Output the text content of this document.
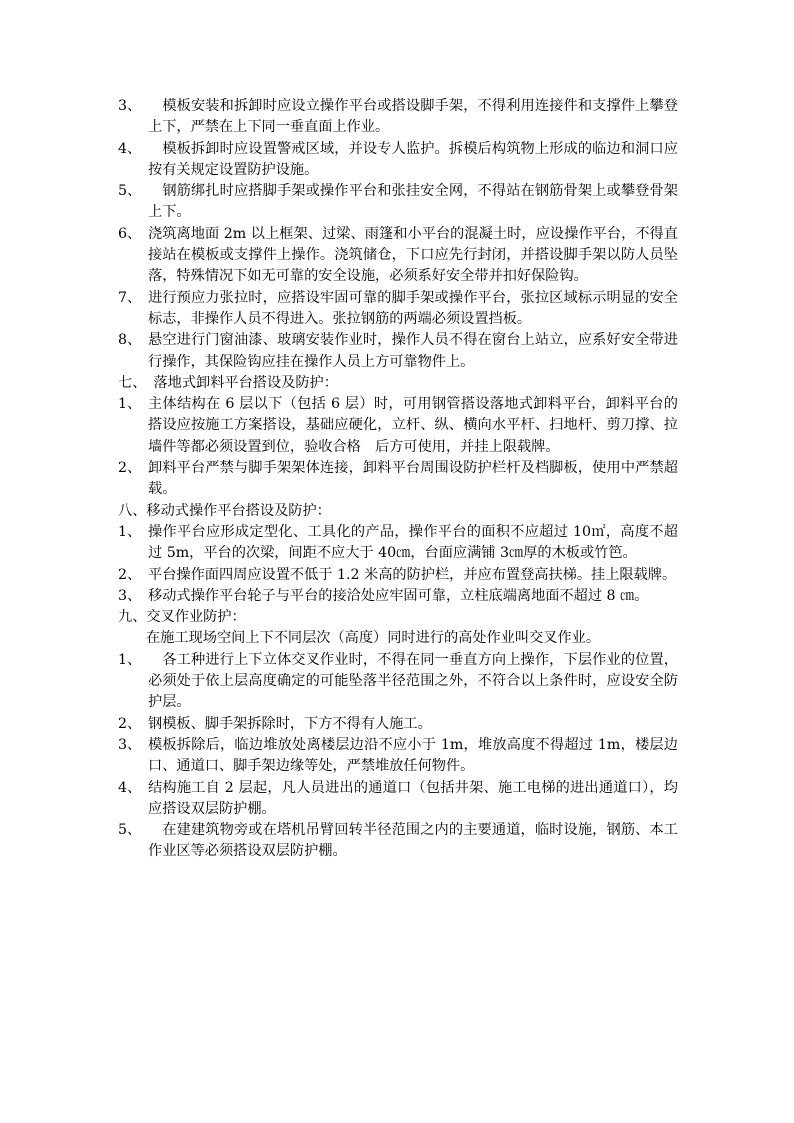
3、 　模板安装和拆卸时应设立操作平台或搭设脚手架，不得利用连接件和支撑件上攀登上下，严禁在上下同一垂直面上作业。

4、 　模板拆卸时应设置警戒区域，并设专人监护。拆模后构筑物上形成的临边和洞口应按有关规定设置防护设施。

5、 　钢筋绑扎时应搭脚手架或操作平台和张挂安全网，不得站在钢筋骨架上或攀登骨架上下。

6、 浇筑离地面 2m 以上框架、过梁、雨篷和小平台的混凝土时，应设操作平台，不得直接站在模板或支撑件上操作。浇筑储仓，下口应先行封闭，并搭设脚手架以防人员坠落，特殊情况下如无可靠的安全设施，必须系好安全带并扣好保险钩。

7、 进行预应力张拉时，应搭设牢固可靠的脚手架或操作平台，张拉区域标示明显的安全标志，非操作人员不得进入。张拉钢筋的两端必须设置挡板。

8、 悬空进行门窗油漆、玻璃安装作业时，操作人员不得在窗台上站立，应系好安全带进行操作，其保险钩应挂在操作人员上方可靠物件上。

七、　落地式卸料平台搭设及防护：

1、 主体结构在 6 层以下（包括 6 层）时，可用钢管搭设落地式卸料平台，卸料平台的搭设应按施工方案搭设，基础应硬化，立杆、纵、横向水平杆、扫地杆、剪刀撑、拉墙件等都必须设置到位，验收合格　后方可使用，并挂上限载牌。

2、 卸料平台严禁与脚手架架体连接，卸料平台周围设防护栏杆及档脚板，使用中严禁超载。

八、移动式操作平台搭设及防护：

1、 操作平台应形成定型化、工具化的产品，操作平台的面积不应超过 10㎡，高度不超过 5m，平台的次梁，间距不应大于 40㎝，台面应满铺 3㎝厚的木板或竹笆。

2、 平台操作面四周应设置不低于 1.2 米高的防护栏，并应布置登高扶梯。挂上限载牌。

3、 移动式操作平台轮子与平台的接洽处应牢固可靠，立柱底端离地面不超过 8 ㎝。

九、交叉作业防护：

在施工现场空间上下不同层次（高度）同时进行的高处作业叫交叉作业。

1、 　各工种进行上下立体交叉作业时，不得在同一垂直方向上操作，下层作业的位置，必须处于依上层高度确定的可能坠落半径范围之外，不符合以上条件时，应设安全防护层。

2、 钢模板、脚手架拆除时，下方不得有人施工。

3、 模板拆除后，临边堆放处离楼层边沿不应小于 1m，堆放高度不得超过 1m，楼层边口、通道口、脚手架边缘等处，严禁堆放任何物件。

4、 结构施工自 2 层起，凡人员进出的通道口（包括井架、施工电梯的进出通道口），均应搭设双层防护棚。

5、 　在建建筑物旁或在塔机吊臂回转半径范围之内的主要通道，临时设施，钢筋、本工作业区等必须搭设双层防护棚。
